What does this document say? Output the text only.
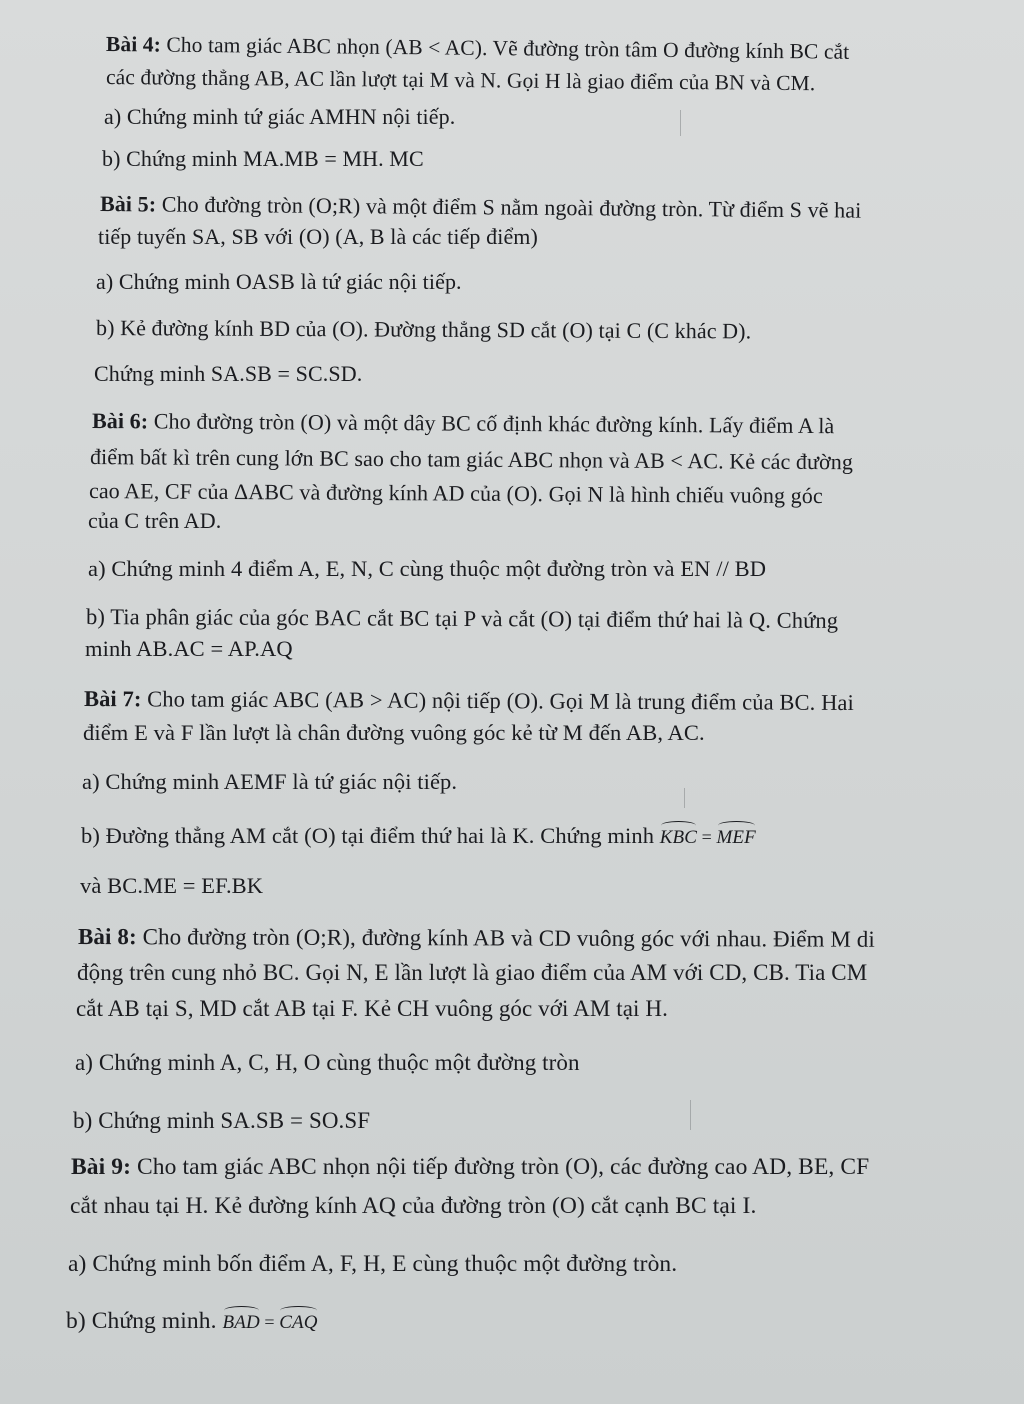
Bài 4: Cho tam giác ABC nhọn (AB < AC). Vẽ đường tròn tâm O đường kính BC cắt
các đường thẳng AB, AC lần lượt tại M và N. Gọi H là giao điểm của BN và CM.
a) Chứng minh tứ giác AMHN nội tiếp.
b) Chứng minh MA.MB = MH. MC
Bài 5: Cho đường tròn (O;R) và một điểm S nằm ngoài đường tròn. Từ điểm S vẽ hai
tiếp tuyến SA, SB với (O) (A, B là các tiếp điểm)
a) Chứng minh OASB là tứ giác nội tiếp.
b) Kẻ đường kính BD của (O). Đường thẳng SD cắt (O) tại C (C khác D).
Chứng minh SA.SB = SC.SD.
Bài 6: Cho đường tròn (O) và một dây BC cố định khác đường kính. Lấy điểm A là
điểm bất kì trên cung lớn BC sao cho tam giác ABC nhọn và AB < AC. Kẻ các đường
cao AE, CF của ΔABC và đường kính AD của (O). Gọi N là hình chiếu vuông góc
của C trên AD.
a) Chứng minh 4 điểm A, E, N, C cùng thuộc một đường tròn và EN // BD
b) Tia phân giác của góc BAC cắt BC tại P và cắt (O) tại điểm thứ hai là Q. Chứng
minh AB.AC = AP.AQ
Bài 7: Cho tam giác ABC (AB > AC) nội tiếp (O). Gọi M là trung điểm của BC. Hai
điểm E và F lần lượt là chân đường vuông góc kẻ từ M đến AB, AC.
a) Chứng minh AEMF là tứ giác nội tiếp.
b) Đường thẳng AM cắt (O) tại điểm thứ hai là K. Chứng minh KBC = MEF
và BC.ME = EF.BK
Bài 8: Cho đường tròn (O;R), đường kính AB và CD vuông góc với nhau. Điểm M di
động trên cung nhỏ BC. Gọi N, E lần lượt là giao điểm của AM với CD, CB. Tia CM
cắt AB tại S, MD cắt AB tại F. Kẻ CH vuông góc với AM tại H.
a) Chứng minh A, C, H, O cùng thuộc một đường tròn
b) Chứng minh SA.SB = SO.SF
Bài 9: Cho tam giác ABC nhọn nội tiếp đường tròn (O), các đường cao AD, BE, CF
cắt nhau tại H. Kẻ đường kính AQ của đường tròn (O) cắt cạnh BC tại I.
a) Chứng minh bốn điểm A, F, H, E cùng thuộc một đường tròn.
b) Chứng minh. BAD = CAQ
